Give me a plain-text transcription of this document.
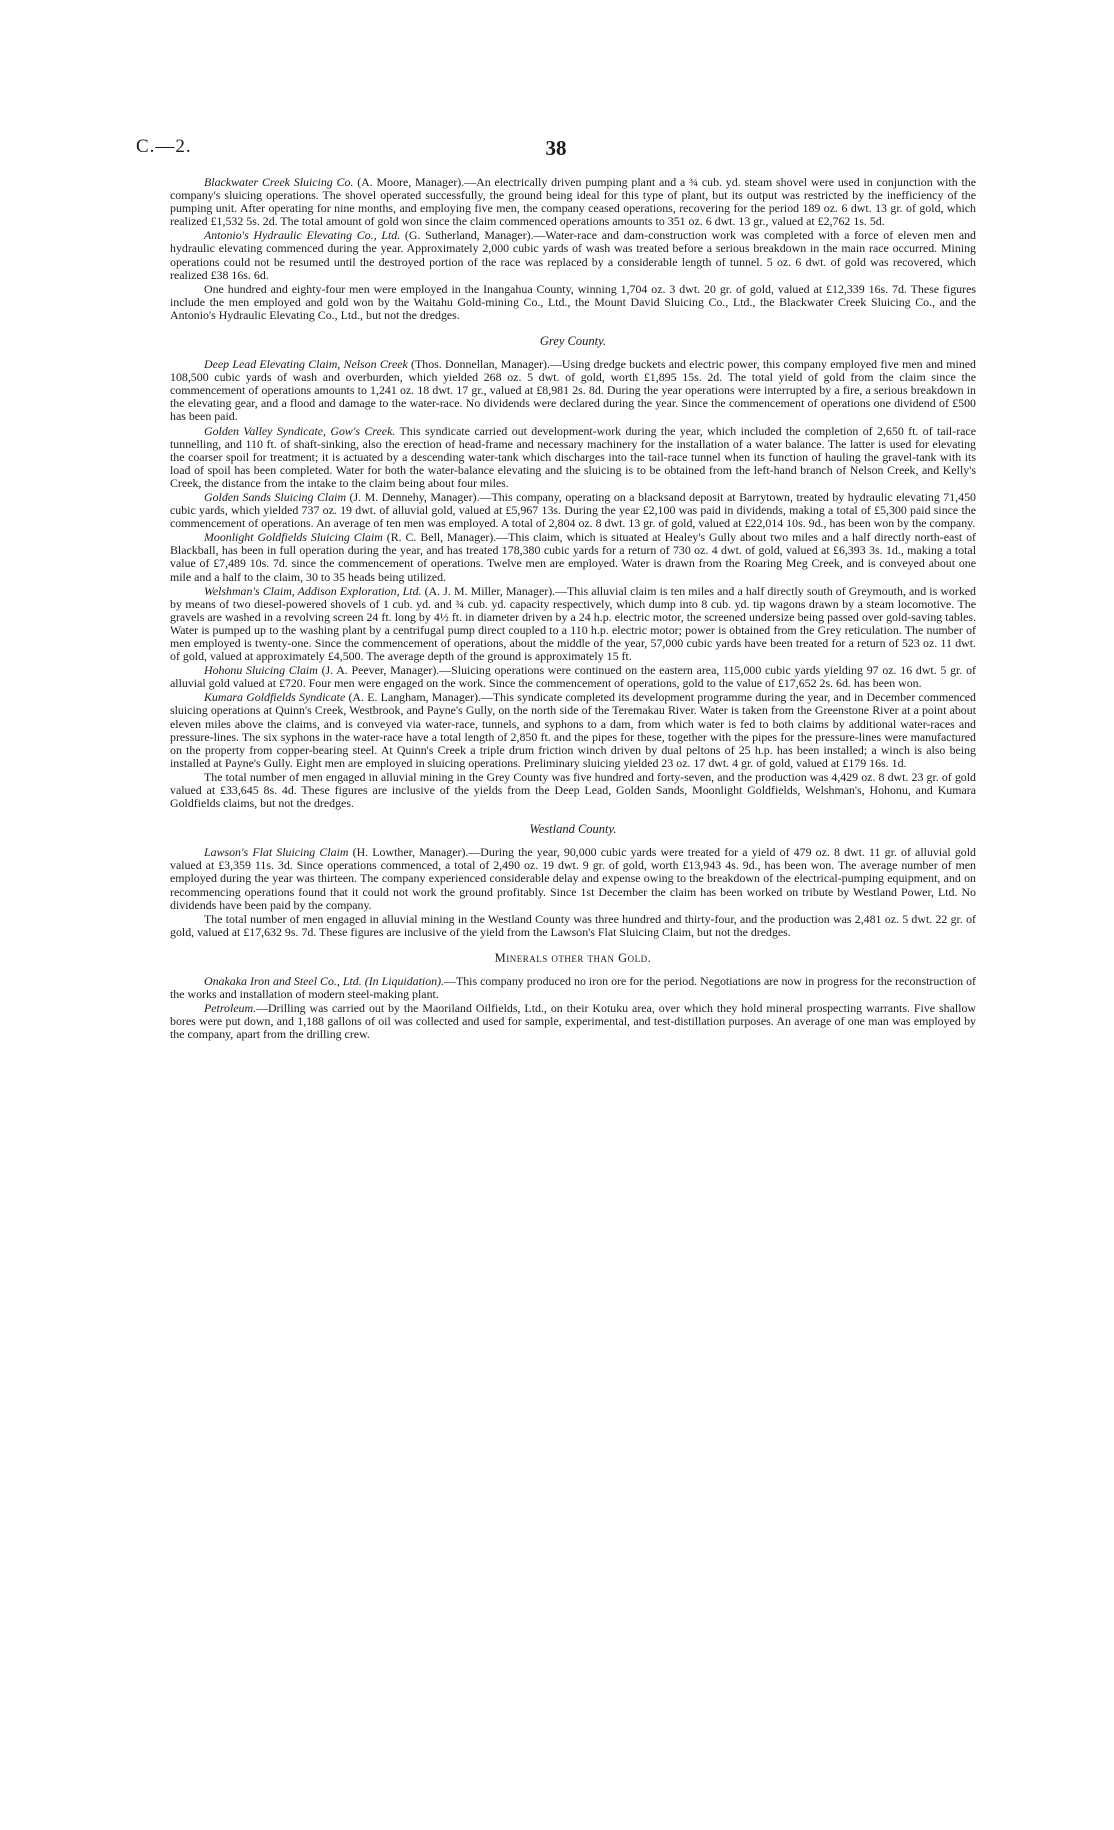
C.—2.	38

Blackwater Creek Sluicing Co. (A. Moore, Manager).—An electrically driven pumping plant and a ¾ cub. yd. steam shovel were used in conjunction with the company's sluicing operations. The shovel operated successfully, the ground being ideal for this type of plant, but its output was restricted by the inefficiency of the pumping unit. After operating for nine months, and employing five men, the company ceased operations, recovering for the period 189 oz. 6 dwt. 13 gr. of gold, which realized £1,532 5s. 2d. The total amount of gold won since the claim commenced operations amounts to 351 oz. 6 dwt. 13 gr., valued at £2,762 1s. 5d.

Antonio's Hydraulic Elevating Co., Ltd. (G. Sutherland, Manager).—Water-race and dam-construction work was completed with a force of eleven men and hydraulic elevating commenced during the year. Approximately 2,000 cubic yards of wash was treated before a serious breakdown in the main race occurred. Mining operations could not be resumed until the destroyed portion of the race was replaced by a considerable length of tunnel. 5 oz. 6 dwt. of gold was recovered, which realized £38 16s. 6d.

One hundred and eighty-four men were employed in the Inangahua County, winning 1,704 oz. 3 dwt. 20 gr. of gold, valued at £12,339 16s. 7d. These figures include the men employed and gold won by the Waitahu Gold-mining Co., Ltd., the Mount David Sluicing Co., Ltd., the Blackwater Creek Sluicing Co., and the Antonio's Hydraulic Elevating Co., Ltd., but not the dredges.

Grey County.

Deep Lead Elevating Claim, Nelson Creek (Thos. Donnellan, Manager).—Using dredge buckets and electric power, this company employed five men and mined 108,500 cubic yards of wash and overburden, which yielded 268 oz. 5 dwt. of gold, worth £1,895 15s. 2d. The total yield of gold from the claim since the commencement of operations amounts to 1,241 oz. 18 dwt. 17 gr., valued at £8,981 2s. 8d. During the year operations were interrupted by a fire, a serious breakdown in the elevating gear, and a flood and damage to the water-race. No dividends were declared during the year. Since the commencement of operations one dividend of £500 has been paid.

Golden Valley Syndicate, Gow's Creek. This syndicate carried out development-work during the year, which included the completion of 2,650 ft. of tail-race tunnelling, and 110 ft. of shaft-sinking, also the erection of head-frame and necessary machinery for the installation of a water balance. The latter is used for elevating the coarser spoil for treatment; it is actuated by a descending water-tank which discharges into the tail-race tunnel when its function of hauling the gravel-tank with its load of spoil has been completed. Water for both the water-balance elevating and the sluicing is to be obtained from the left-hand branch of Nelson Creek, and Kelly's Creek, the distance from the intake to the claim being about four miles.

Golden Sands Sluicing Claim (J. M. Dennehy, Manager).—This company, operating on a blacksand deposit at Barrytown, treated by hydraulic elevating 71,450 cubic yards, which yielded 737 oz. 19 dwt. of alluvial gold, valued at £5,967 13s. During the year £2,100 was paid in dividends, making a total of £5,300 paid since the commencement of operations. An average of ten men was employed. A total of 2,804 oz. 8 dwt. 13 gr. of gold, valued at £22,014 10s. 9d., has been won by the company.

Moonlight Goldfields Sluicing Claim (R. C. Bell, Manager).—This claim, which is situated at Healey's Gully about two miles and a half directly north-east of Blackball, has been in full operation during the year, and has treated 178,380 cubic yards for a return of 730 oz. 4 dwt. of gold, valued at £6,393 3s. 1d., making a total value of £7,489 10s. 7d. since the commencement of operations. Twelve men are employed. Water is drawn from the Roaring Meg Creek, and is conveyed about one mile and a half to the claim, 30 to 35 heads being utilized.

Welshman's Claim, Addison Exploration, Ltd. (A. J. M. Miller, Manager).—This alluvial claim is ten miles and a half directly south of Greymouth, and is worked by means of two diesel-powered shovels of 1 cub. yd. and ¾ cub. yd. capacity respectively, which dump into 8 cub. yd. tip wagons drawn by a steam locomotive. The gravels are washed in a revolving screen 24 ft. long by 4½ ft. in diameter driven by a 24 h.p. electric motor, the screened undersize being passed over gold-saving tables. Water is pumped up to the washing plant by a centrifugal pump direct coupled to a 110 h.p. electric motor; power is obtained from the Grey reticulation. The number of men employed is twenty-one. Since the commencement of operations, about the middle of the year, 57,000 cubic yards have been treated for a return of 523 oz. 11 dwt. of gold, valued at approximately £4,500. The average depth of the ground is approximately 15 ft.

Hohonu Sluicing Claim (J. A. Peever, Manager).—Sluicing operations were continued on the eastern area, 115,000 cubic yards yielding 97 oz. 16 dwt. 5 gr. of alluvial gold valued at £720. Four men were engaged on the work. Since the commencement of operations, gold to the value of £17,652 2s. 6d. has been won.

Kumara Goldfields Syndicate (A. E. Langham, Manager).—This syndicate completed its development programme during the year, and in December commenced sluicing operations at Quinn's Creek, Westbrook, and Payne's Gully, on the north side of the Teremakau River. Water is taken from the Greenstone River at a point about eleven miles above the claims, and is conveyed via water-race, tunnels, and syphons to a dam, from which water is fed to both claims by additional water-races and pressure-lines. The six syphons in the water-race have a total length of 2,850 ft. and the pipes for these, together with the pipes for the pressure-lines were manufactured on the property from copper-bearing steel. At Quinn's Creek a triple drum friction winch driven by dual peltons of 25 h.p. has been installed; a winch is also being installed at Payne's Gully. Eight men are employed in sluicing operations. Preliminary sluicing yielded 23 oz. 17 dwt. 4 gr. of gold, valued at £179 16s. 1d.

The total number of men engaged in alluvial mining in the Grey County was five hundred and forty-seven, and the production was 4,429 oz. 8 dwt. 23 gr. of gold valued at £33,645 8s. 4d. These figures are inclusive of the yields from the Deep Lead, Golden Sands, Moonlight Goldfields, Welshman's, Hohonu, and Kumara Goldfields claims, but not the dredges.

Westland County.

Lawson's Flat Sluicing Claim (H. Lowther, Manager).—During the year, 90,000 cubic yards were treated for a yield of 479 oz. 8 dwt. 11 gr. of alluvial gold valued at £3,359 11s. 3d. Since operations commenced, a total of 2,490 oz. 19 dwt. 9 gr. of gold, worth £13,943 4s. 9d., has been won. The average number of men employed during the year was thirteen. The company experienced considerable delay and expense owing to the breakdown of the electrical-pumping equipment, and on recommencing operations found that it could not work the ground profitably. Since 1st December the claim has been worked on tribute by Westland Power, Ltd. No dividends have been paid by the company.

The total number of men engaged in alluvial mining in the Westland County was three hundred and thirty-four, and the production was 2,481 oz. 5 dwt. 22 gr. of gold, valued at £17,632 9s. 7d. These figures are inclusive of the yield from the Lawson's Flat Sluicing Claim, but not the dredges.

Minerals other than Gold.

Onakaka Iron and Steel Co., Ltd. (In Liquidation).—This company produced no iron ore for the period. Negotiations are now in progress for the reconstruction of the works and installation of modern steel-making plant.

Petroleum.—Drilling was carried out by the Maoriland Oilfields, Ltd., on their Kotuku area, over which they hold mineral prospecting warrants. Five shallow bores were put down, and 1,188 gallons of oil was collected and used for sample, experimental, and test-distillation purposes. An average of one man was employed by the company, apart from the drilling crew.
